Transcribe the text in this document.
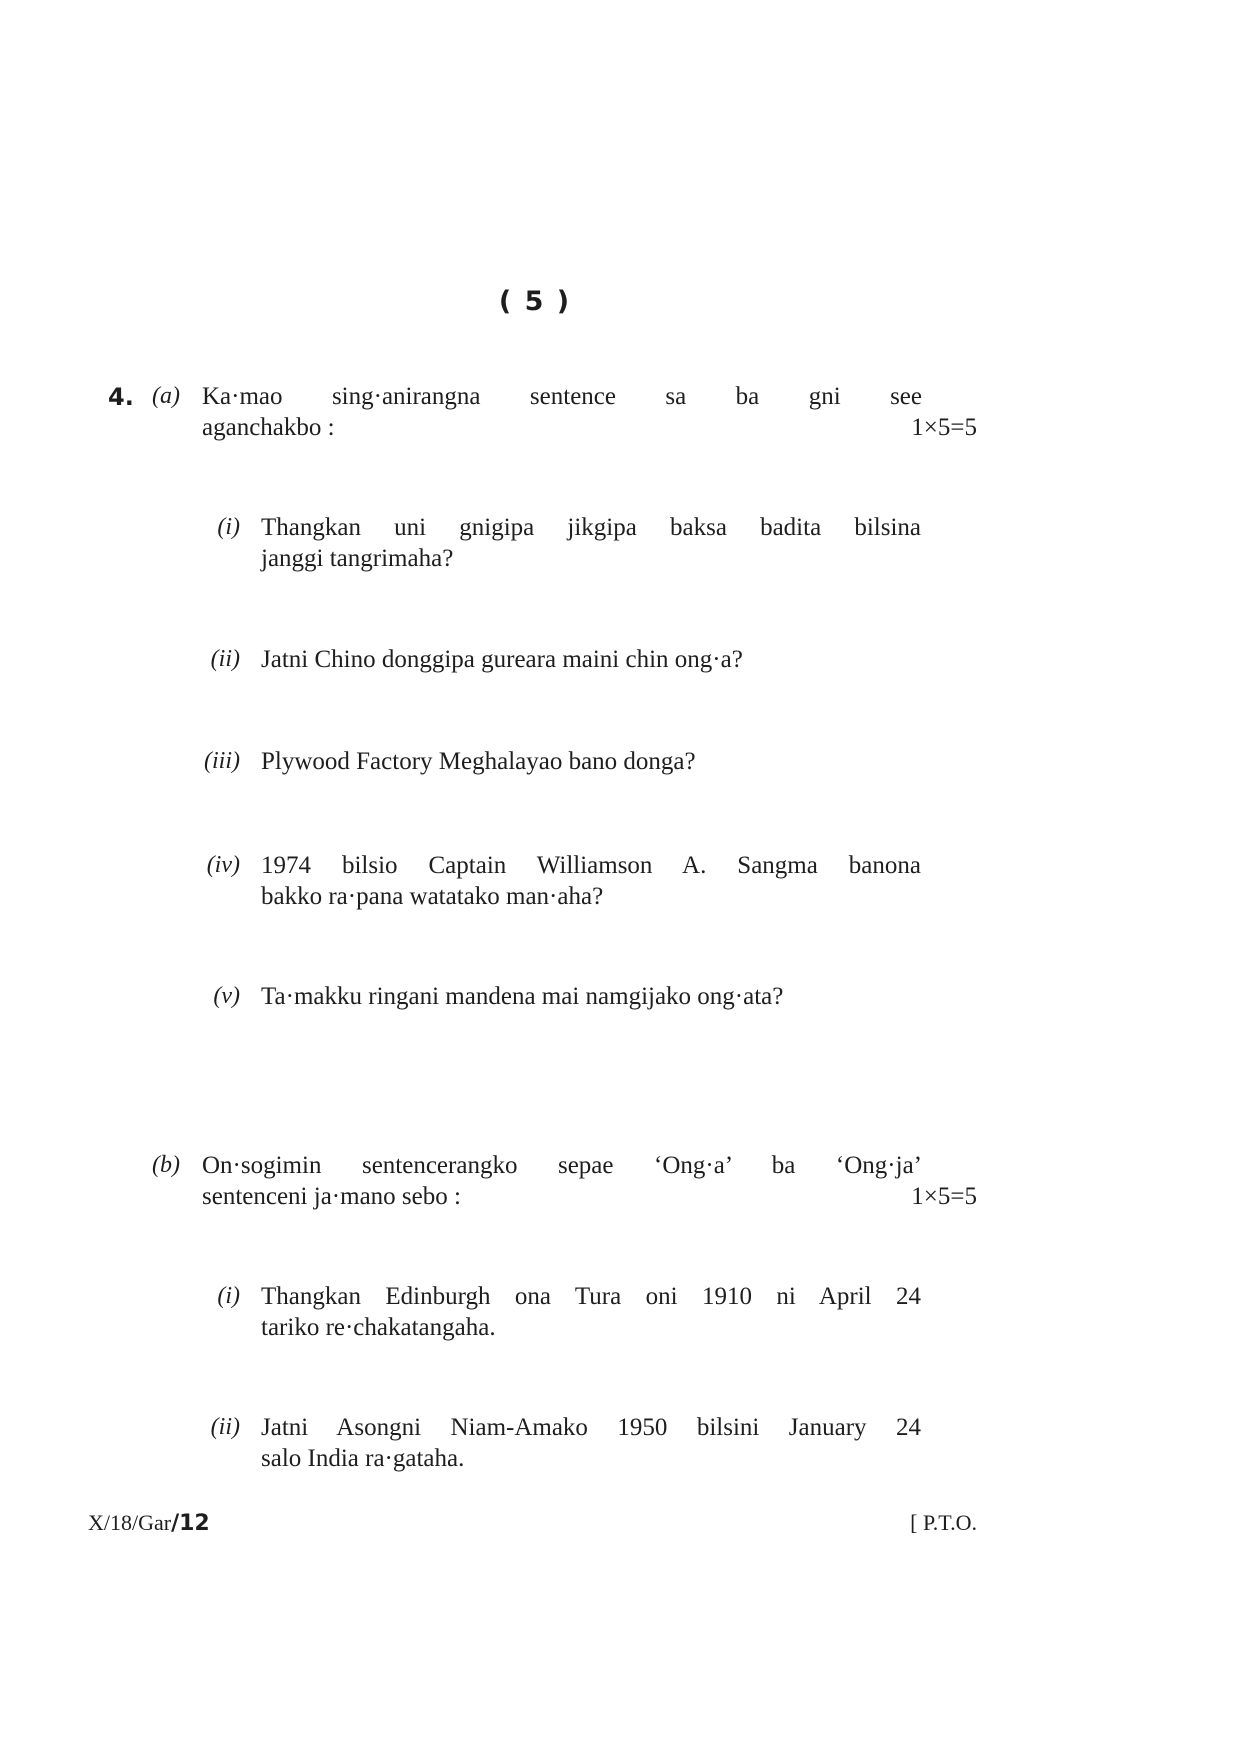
( 5 )
4. (a) Ka·mao sing·anirangna sentence sa ba gni see
aganchakbo :	1×5=5
(i) Thangkan uni gnigipa jikgipa baksa badita bilsina
janggi tangrimaha?
(ii) Jatni Chino donggipa gureara maini chin ong·a?
(iii) Plywood Factory Meghalayao bano donga?
(iv) 1974 bilsio Captain Williamson A. Sangma banona
bakko ra·pana watatako man·aha?
(v) Ta·makku ringani mandena mai namgijako ong·ata?
(b) On·sogimin sentencerangko sepae ‘Ong·a’ ba ‘Ong·ja’
sentenceni ja·mano sebo :	1×5=5
(i) Thangkan Edinburgh ona Tura oni 1910 ni April 24
tariko re·chakatangaha.
(ii) Jatni Asongni Niam-Amako 1950 bilsini January 24
salo India ra·gataha.
X/18/Gar/12	[ P.T.O.
